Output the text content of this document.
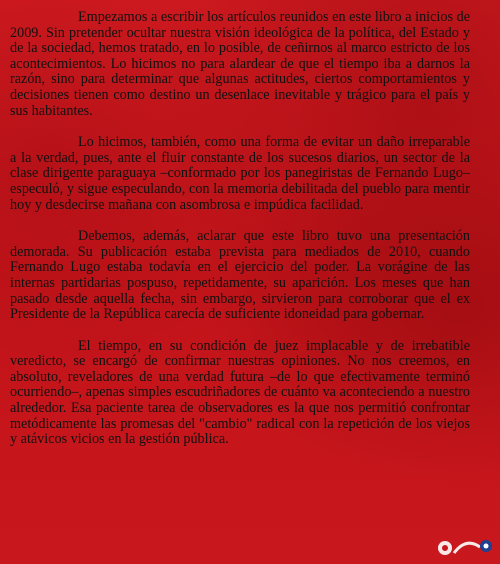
Empezamos a escribir los artículos reunidos en este libro a inicios de 2009. Sin pretender ocultar nuestra visión ideológica de la política, del Estado y de la sociedad, hemos tratado, en lo posible, de ceñirnos al marco estricto de los acontecimientos. Lo hicimos no para alardear de que el tiempo iba a darnos la razón, sino para determinar que algunas actitudes, ciertos comportamientos y decisiones tienen como destino un desenlace inevitable y trágico para el país y sus habitantes.

Lo hicimos, también, como una forma de evitar un daño irreparable a la verdad, pues, ante el fluir constante de los sucesos diarios, un sector de la clase dirigente paraguaya –conformado por los panegiristas de Fernando Lugo– especuló, y sigue especulando, con la memoria debilitada del pueblo para mentir hoy y desdecirse mañana con asombrosa e impúdica facilidad.

Debemos, además, aclarar que este libro tuvo una presentación demorada. Su publicación estaba prevista para mediados de 2010, cuando Fernando Lugo estaba todavía en el ejercicio del poder. La vorágine de las internas partidarias pospuso, repetidamente, su aparición. Los meses que han pasado desde aquella fecha, sin embargo, sirvieron para corroborar que el ex Presidente de la República carecía de suficiente idoneidad para gobernar.

El tiempo, en su condición de juez implacable y de irrebatible veredicto, se encargó de confirmar nuestras opiniones. No nos creemos, en absoluto, reveladores de una verdad futura –de lo que efectivamente terminó ocurriendo–, apenas simples escudriñadores de cuánto va aconteciendo a nuestro alrededor. Esa paciente tarea de observadores es la que nos permitió confrontar metódicamente las promesas del "cambio" radical con la repetición de los viejos y atávicos vicios en la gestión pública.
